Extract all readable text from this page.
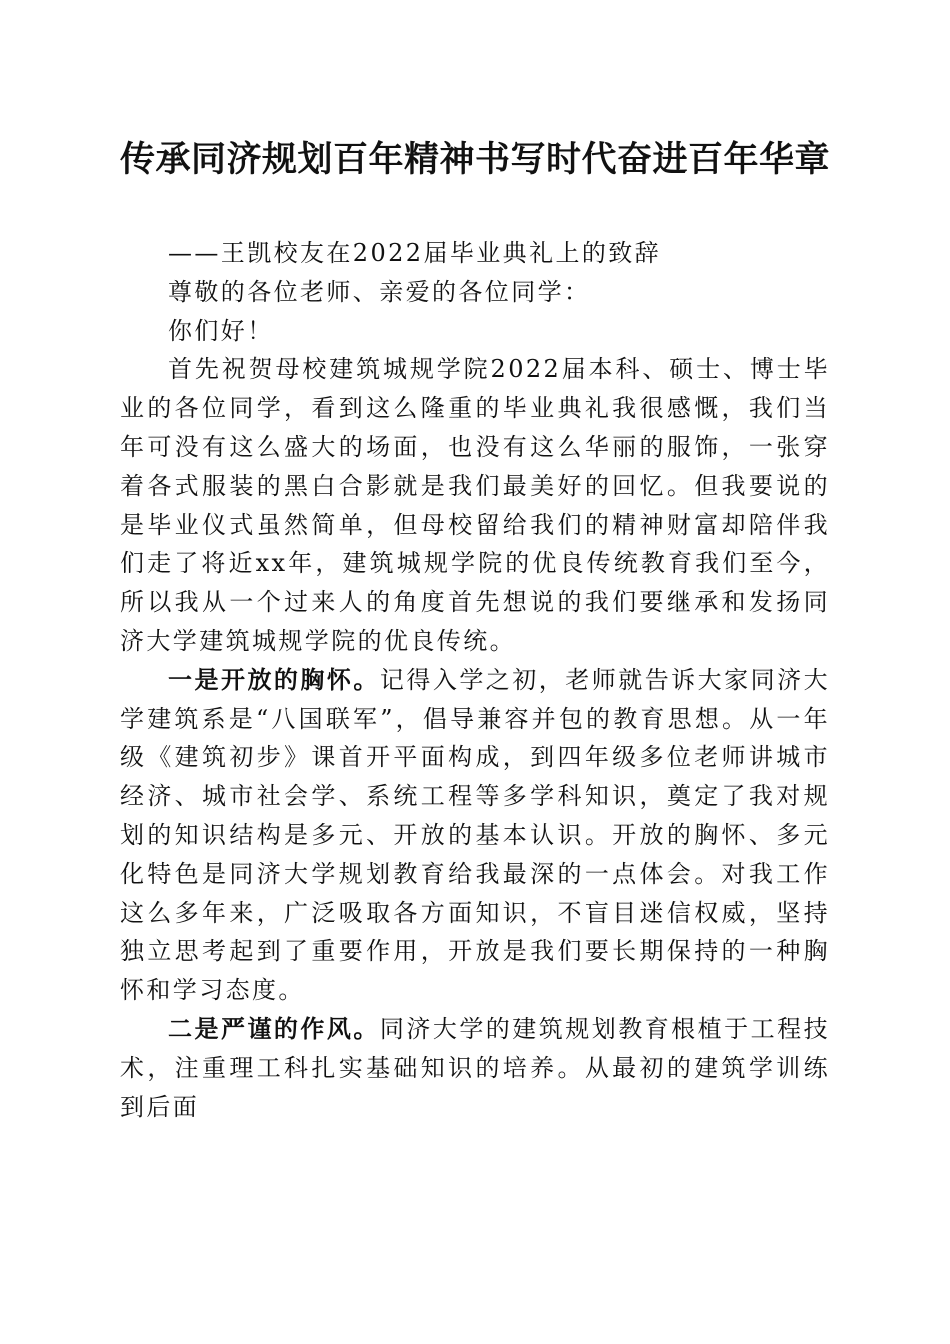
传承同济规划百年精神书写时代奋进百年华章

——王凯校友在2022届毕业典礼上的致辞

尊敬的各位老师、亲爱的各位同学：

你们好！

首先祝贺母校建筑城规学院2022届本科、硕士、博士毕业的各位同学，看到这么隆重的毕业典礼我很感慨，我们当年可没有这么盛大的场面，也没有这么华丽的服饰，一张穿着各式服装的黑白合影就是我们最美好的回忆。但我要说的是毕业仪式虽然简单，但母校留给我们的精神财富却陪伴我们走了将近xx年，建筑城规学院的优良传统教育我们至今，所以我从一个过来人的角度首先想说的我们要继承和发扬同济大学建筑城规学院的优良传统。

一是开放的胸怀。记得入学之初，老师就告诉大家同济大学建筑系是“八国联军”，倡导兼容并包的教育思想。从一年级《建筑初步》课首开平面构成，到四年级多位老师讲城市经济、城市社会学、系统工程等多学科知识，奠定了我对规划的知识结构是多元、开放的基本认识。开放的胸怀、多元化特色是同济大学规划教育给我最深的一点体会。对我工作这么多年来，广泛吸取各方面知识，不盲目迷信权威，坚持独立思考起到了重要作用，开放是我们要长期保持的一种胸怀和学习态度。

二是严谨的作风。同济大学的建筑规划教育根植于工程技术，注重理工科扎实基础知识的培养。从最初的建筑学训练到后面
